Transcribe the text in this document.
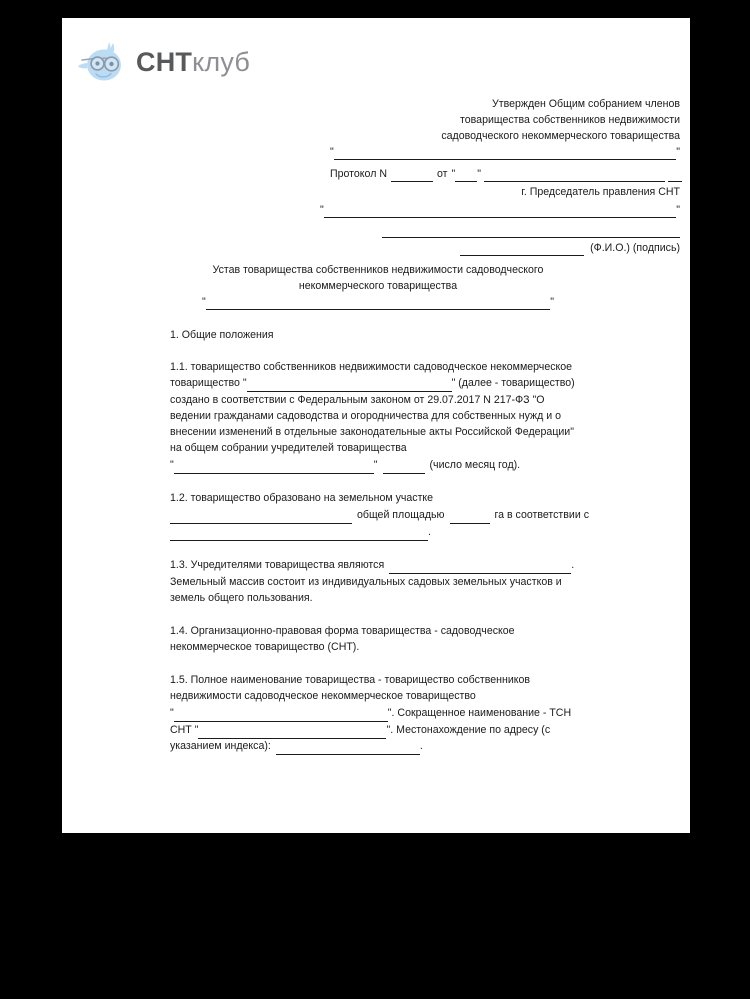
СНТклуб
Утвержден Общим собранием членов
товарищества собственников недвижимости
садоводческого некоммерческого товарищества
"	"
Протокол N	от " "
г. Председатель правления СНТ
"	"
(Ф.И.О.) (подпись)
Устав товарищества собственников недвижимости садоводческого
некоммерческого товарищества
"	"
1. Общие положения
1.1. товарищество собственников недвижимости садоводческое некоммерческое
товарищество "	" (далее - товарищество)
создано в соответствии с Федеральным законом от 29.07.2017 N 217-ФЗ "О
ведении гражданами садоводства и огородничества для собственных нужд и о
внесении изменений в отдельные законодательные акты Российской Федерации"
на общем собрании учредителей товарищества
"	"	(число месяц год).
1.2. товарищество образовано на земельном участке
общей площадью	га в соответствии с
.
1.3. Учредителями товарищества являются	.
Земельный массив состоит из индивидуальных садовых земельных участков и
земель общего пользования.
1.4. Организационно-правовая форма товарищества - садоводческое
некоммерческое товарищество (СНТ).
1.5. Полное наименование товарищества - товарищество собственников
недвижимости садоводческое некоммерческое товарищество
"	". Сокращенное наименование - ТСН
СНТ "	". Местонахождение по адресу (с
указанием индекса):	.
